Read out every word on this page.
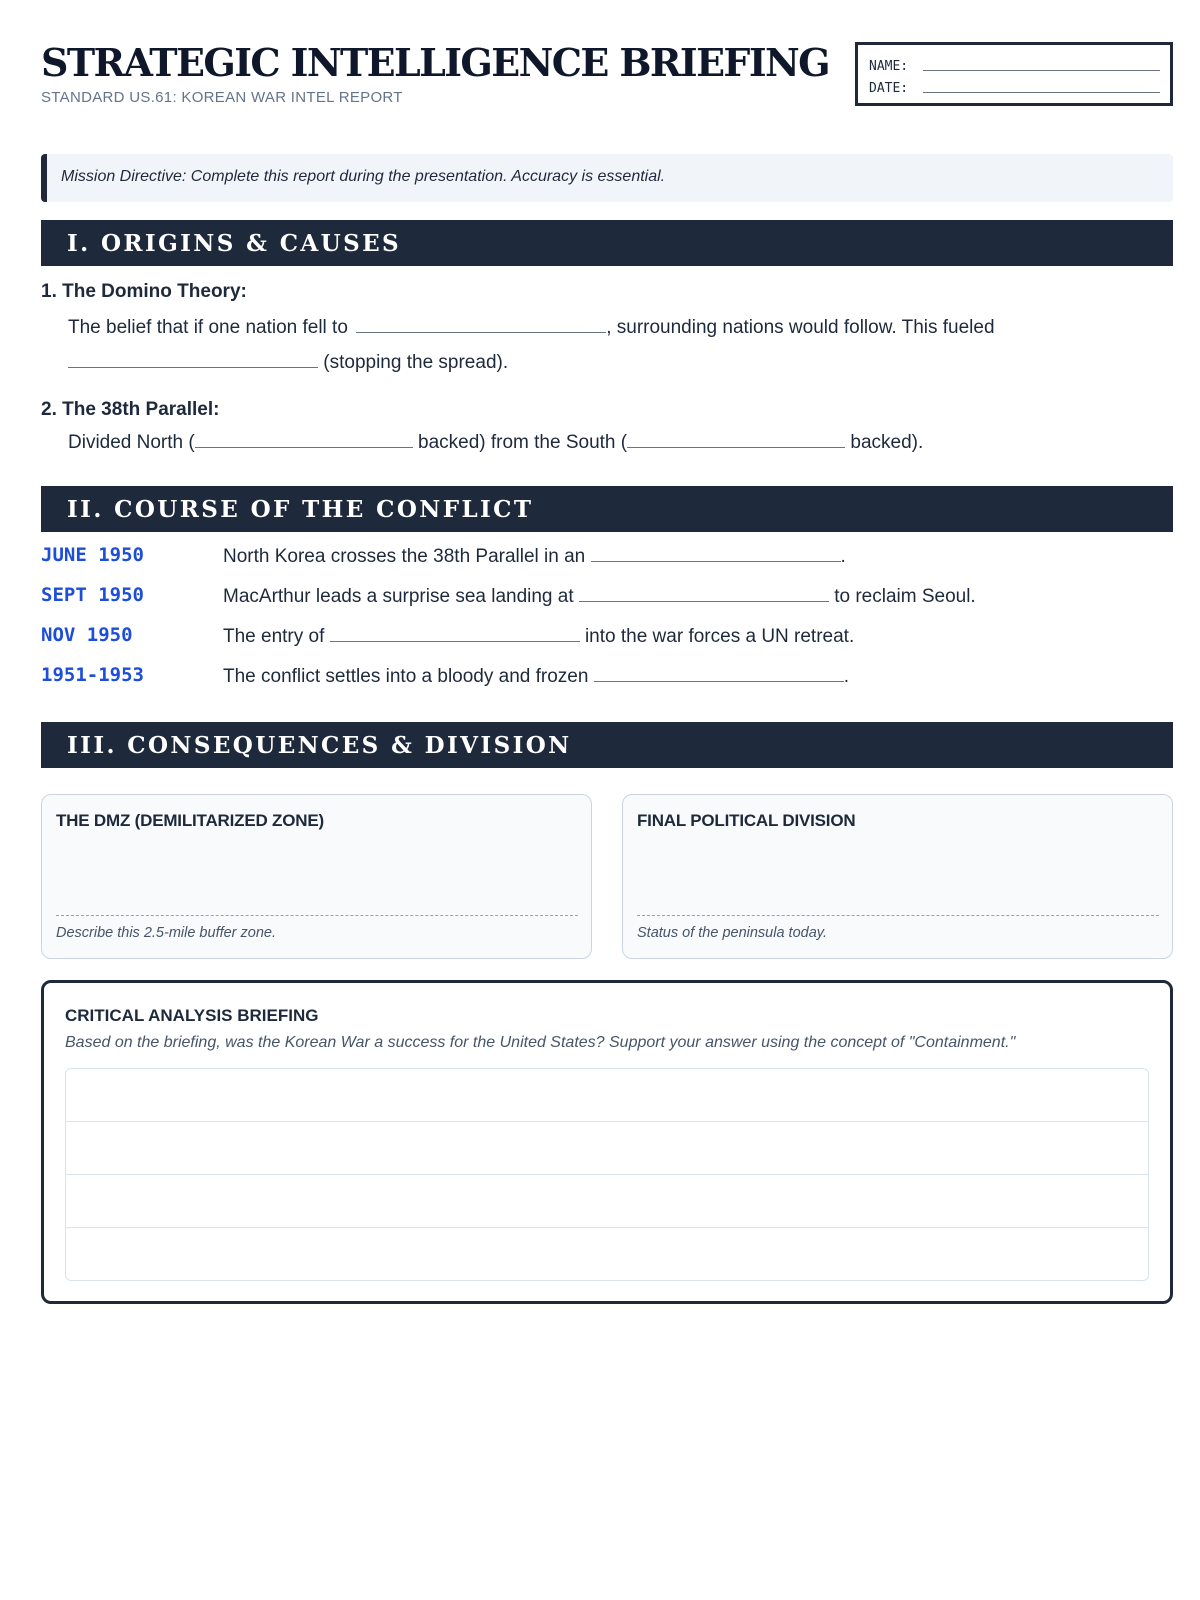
STRATEGIC INTELLIGENCE BRIEFING
STANDARD US.61: KOREAN WAR INTEL REPORT
NAME:
DATE:
Mission Directive: Complete this report during the presentation. Accuracy is essential.
I. ORIGINS & CAUSES
1. The Domino Theory:
The belief that if one nation fell to	, surrounding nations would follow. This fueled
(stopping the spread).
2. The 38th Parallel:
Divided North (	backed) from the South (	backed).
II. COURSE OF THE CONFLICT
JUNE 1950	North Korea crosses the 38th Parallel in an	.
SEPT 1950	MacArthur leads a surprise sea landing at	to reclaim Seoul.
NOV 1950	The entry of	into the war forces a UN retreat.
1951-1953	The conflict settles into a bloody and frozen	.
III. CONSEQUENCES & DIVISION
THE DMZ (DEMILITARIZED ZONE)
Describe this 2.5-mile buffer zone.
FINAL POLITICAL DIVISION
Status of the peninsula today.
CRITICAL ANALYSIS BRIEFING
Based on the briefing, was the Korean War a success for the United States? Support your answer using the concept of "Containment."
